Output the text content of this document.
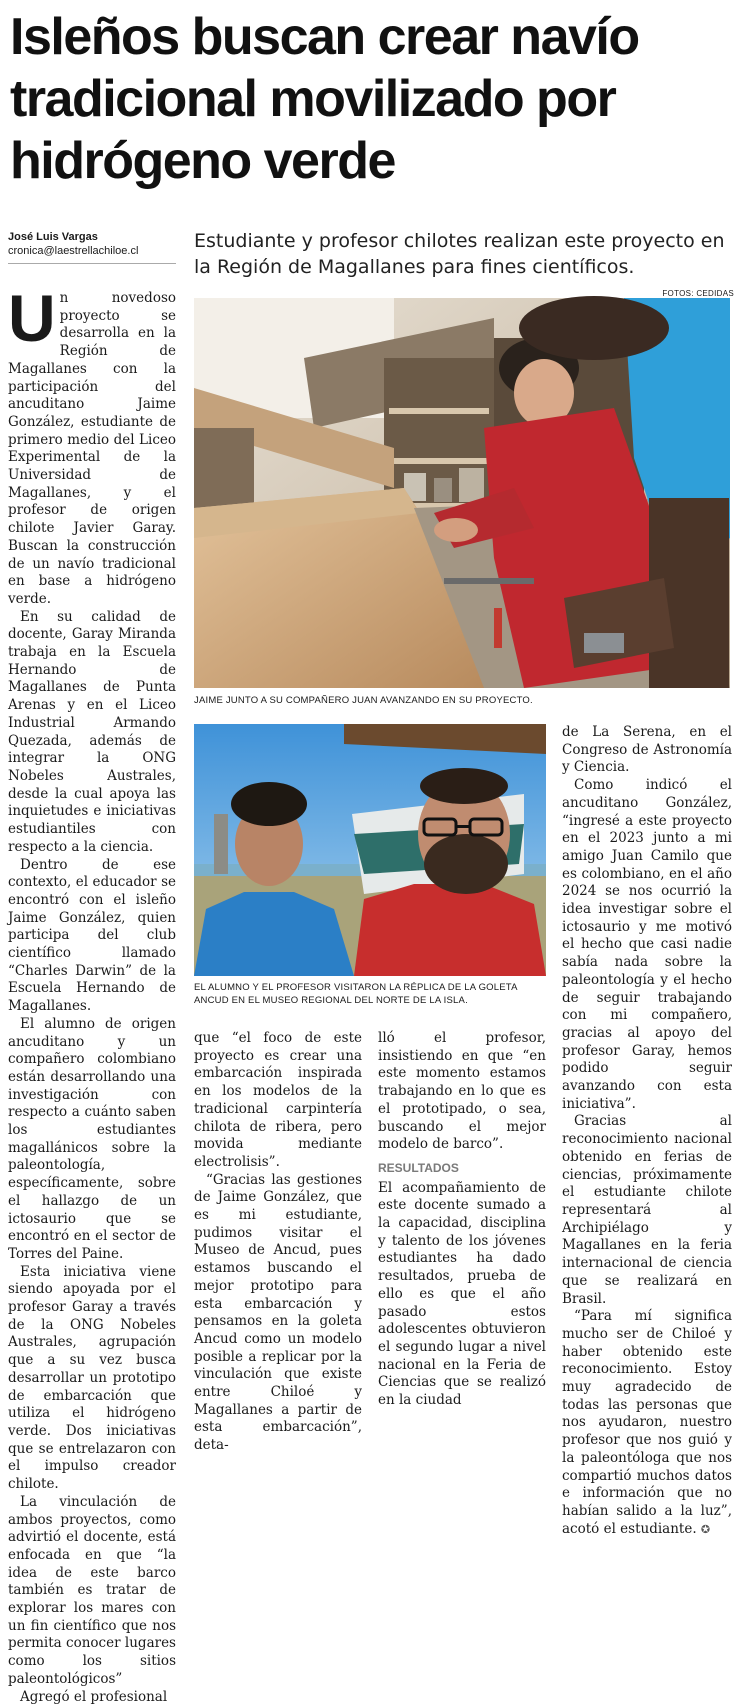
Isleños buscan crear navío tradicional movilizado por hidrógeno verde
José Luis Vargas
cronica@laestrellachiloe.cl	Estudiante y profesor chilotes realizan este proyecto en la Región de Magallanes para fines científicos.
FOTOS: CEDIDAS

Un novedoso proyecto se desarrolla en la Región de Magallanes con la participación del ancuditano Jaime González, estudiante de primero medio del Liceo Experimental de la Universidad de Magallanes, y el profesor de origen chilote Javier Garay. Buscan la construcción de un navío tradicional en base a hidrógeno verde.

En su calidad de docente, Garay Miranda trabaja en la Escuela Hernando de Magallanes de Punta Arenas y en el Liceo Industrial Armando Quezada, además de integrar la ONG Nobeles Australes, desde la cual apoya las inquietudes e iniciativas estudiantiles con respecto a la ciencia.

Dentro de ese contexto, el educador se encontró con el isleño Jaime González, quien participa del club científico llamado “Charles Darwin” de la Escuela Hernando de Magallanes.

El alumno de origen ancuditano y un compañero colombiano están desarrollando una investigación con respecto a cuánto saben los estudiantes magallánicos sobre la paleontología, específicamente, sobre el hallazgo de un ictosaurio que se encontró en el sector de Torres del Paine.

Esta iniciativa viene siendo apoyada por el profesor Garay a través de la ONG Nobeles Australes, agrupación que a su vez busca desarrollar un prototipo de embarcación que utiliza el hidrógeno verde. Dos iniciativas que se entrelazaron con el impulso creador chilote.

La vinculación de ambos proyectos, como advirtió el docente, está enfocada en que “la idea de este barco también es tratar de explorar los mares con un fin científico que nos permita conocer lugares como los sitios paleontológicos”

Agregó el profesional

JAIME JUNTO A SU COMPAÑERO JUAN AVANZANDO EN SU PROYECTO.
EL ALUMNO Y EL PROFESOR VISITARON LA RÉPLICA DE LA GOLETA ANCUD EN EL MUSEO REGIONAL DEL NORTE DE LA ISLA.

que “el foco de este proyecto es crear una embarcación inspirada en los modelos de la tradicional carpintería chilota de ribera, pero movida mediante electrolisis”.

“Gracias las gestiones de Jaime González, que es mi estudiante, pudimos visitar el Museo de Ancud, pues estamos buscando el mejor prototipo para esta embarcación y pensamos en la goleta Ancud como un modelo posible a replicar por la vinculación que existe entre Chiloé y Magallanes a partir de esta embarcación”, deta-

lló el profesor, insistiendo en que “en este momento estamos trabajando en lo que es el prototipado, o sea, buscando el mejor modelo de barco”.

RESULTADOS

El acompañamiento de este docente sumado a la capacidad, disciplina y talento de los jóvenes estudiantes ha dado resultados, prueba de ello es que el año pasado estos adolescentes obtuvieron el segundo lugar a nivel nacional en la Feria de Ciencias que se realizó en la ciudad

de La Serena, en el Congreso de Astronomía y Ciencia.

Como indicó el ancuditano González, “ingresé a este proyecto en el 2023 junto a mi amigo Juan Camilo que es colombiano, en el año 2024 se nos ocurrió la idea investigar sobre el ictosaurio y me motivó el hecho que casi nadie sabía nada sobre la paleontología y el hecho de seguir trabajando con mi compañero, gracias al apoyo del profesor Garay, hemos podido seguir avanzando con esta iniciativa”.

Gracias al reconocimiento nacional obtenido en ferias de ciencias, próximamente el estudiante chilote representará al Archipiélago y Magallanes en la feria internacional de ciencia que se realizará en Brasil.

“Para mí significa mucho ser de Chiloé y haber obtenido este reconocimiento. Estoy muy agradecido de todas las personas que nos ayudaron, nuestro profesor que nos guió y la paleontóloga que nos compartió muchos datos e información que no habían salido a la luz”, acotó el estudiante. ✪
